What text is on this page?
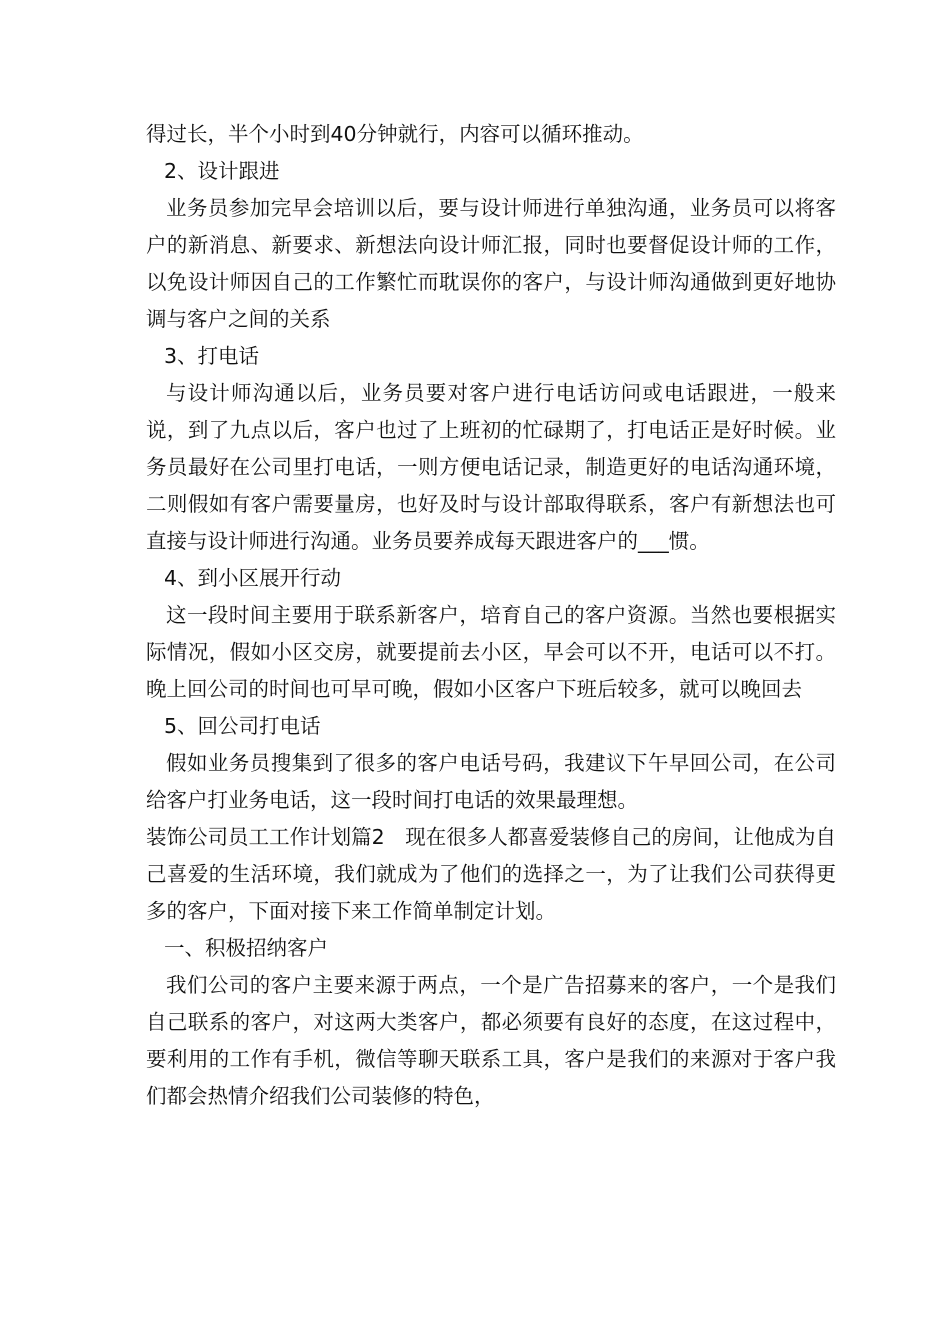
得过长，半个小时到40分钟就行，内容可以循环推动。

2、设计跟进

业务员参加完早会培训以后，要与设计师进行单独沟通，业务员可以将客户的新消息、新要求、新想法向设计师汇报，同时也要督促设计师的工作，以免设计师因自己的工作繁忙而耽误你的客户，与设计师沟通做到更好地协调与客户之间的关系

3、打电话

与设计师沟通以后，业务员要对客户进行电话访问或电话跟进，一般来说，到了九点以后，客户也过了上班初的忙碌期了，打电话正是好时候。业务员最好在公司里打电话，一则方便电话记录，制造更好的电话沟通环境，二则假如有客户需要量房，也好及时与设计部取得联系，客户有新想法也可直接与设计师进行沟通。业务员要养成每天跟进客户的___惯。

4、到小区展开行动

这一段时间主要用于联系新客户，培育自己的客户资源。当然也要根据实际情况，假如小区交房，就要提前去小区，早会可以不开，电话可以不打。晚上回公司的时间也可早可晚，假如小区客户下班后较多，就可以晚回去

5、回公司打电话

假如业务员搜集到了很多的客户电话号码，我建议下午早回公司，在公司给客户打业务电话，这一段时间打电话的效果最理想。

装饰公司员工工作计划篇2　现在很多人都喜爱装修自己的房间，让他成为自己喜爱的生活环境，我们就成为了他们的选择之一，为了让我们公司获得更多的客户，下面对接下来工作简单制定计划。

一、积极招纳客户

我们公司的客户主要来源于两点，一个是广告招募来的客户，一个是我们自己联系的客户，对这两大类客户，都必须要有良好的态度，在这过程中，要利用的工作有手机，微信等聊天联系工具，客户是我们的来源对于客户我们都会热情介绍我们公司装修的特色，
